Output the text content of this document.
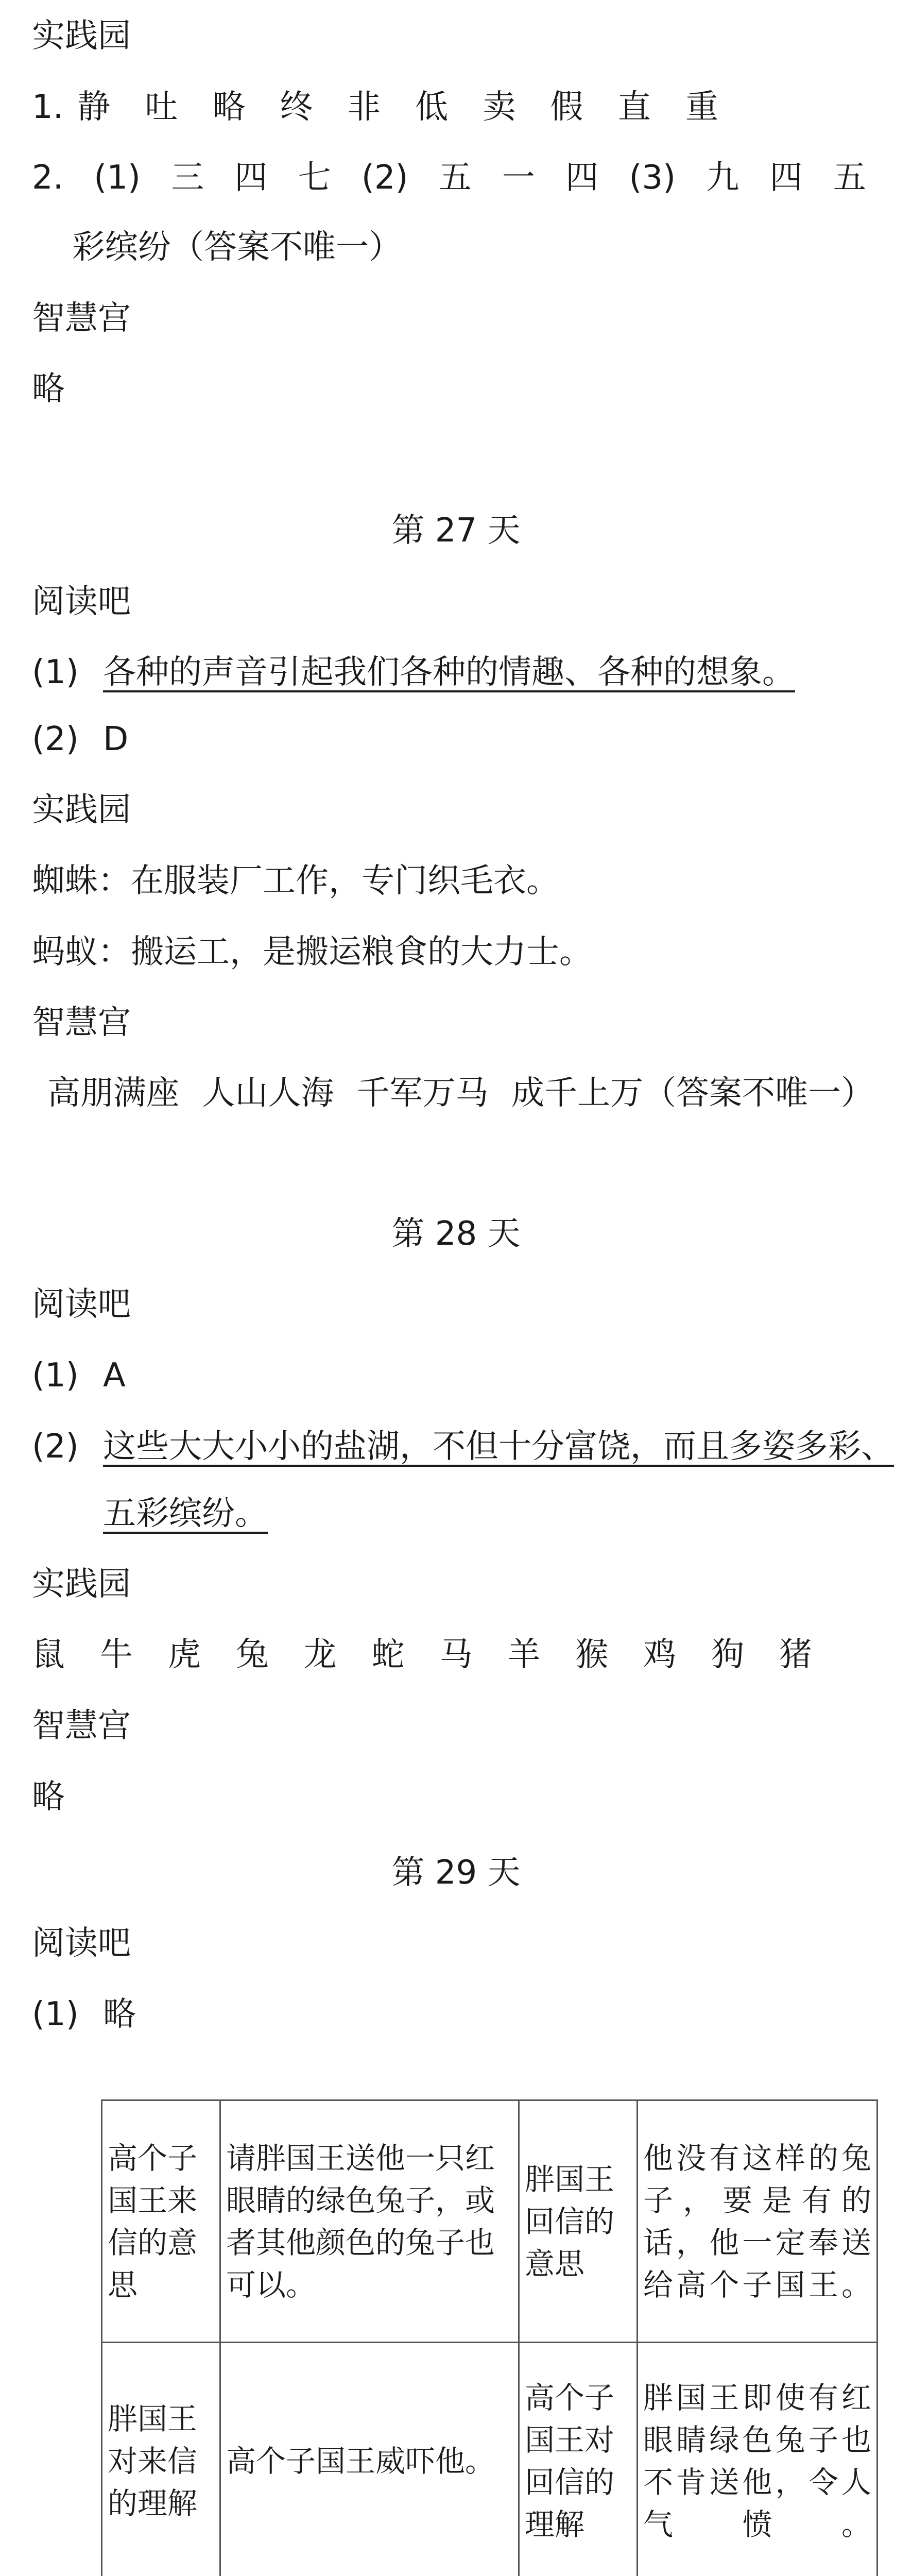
实践园
1. 静 吐 略 终 非 低 卖 假 直 重
2. (1) 三 四 七 (2) 五 一 四 (3) 九 四 五
彩缤纷（答案不唯一）
智慧宫
略
第 27 天
阅读吧
(1) 各种的声音引起我们各种的情趣、各种的想象。
(2) D
实践园
蜘蛛：在服装厂工作，专门织毛衣。
蚂蚁：搬运工，是搬运粮食的大力士。
智慧宫
高朋满座 人山人海 千军万马 成千上万（答案不唯一）
第 28 天
阅读吧
(1) A
(2) 这些大大小小的盐湖，不但十分富饶，而且多姿多彩、
五彩缤纷。
实践园
鼠 牛 虎 兔 龙 蛇 马 羊 猴 鸡 狗 猪
智慧宫
略
第 29 天
阅读吧
(1) 略
高个子国王来信的意思	请胖国王送他一只红眼睛的绿色兔子，或者其他颜色的兔子也可以。	胖国王回信的意思	他没有这样的兔子，要是有的话，他一定奉送给高个子国王。
胖国王对来信的理解	高个子国王威吓他。	高个子国王对回信的理解	胖国王即使有红眼睛绿色兔子也不肯送他，令人气愤。
